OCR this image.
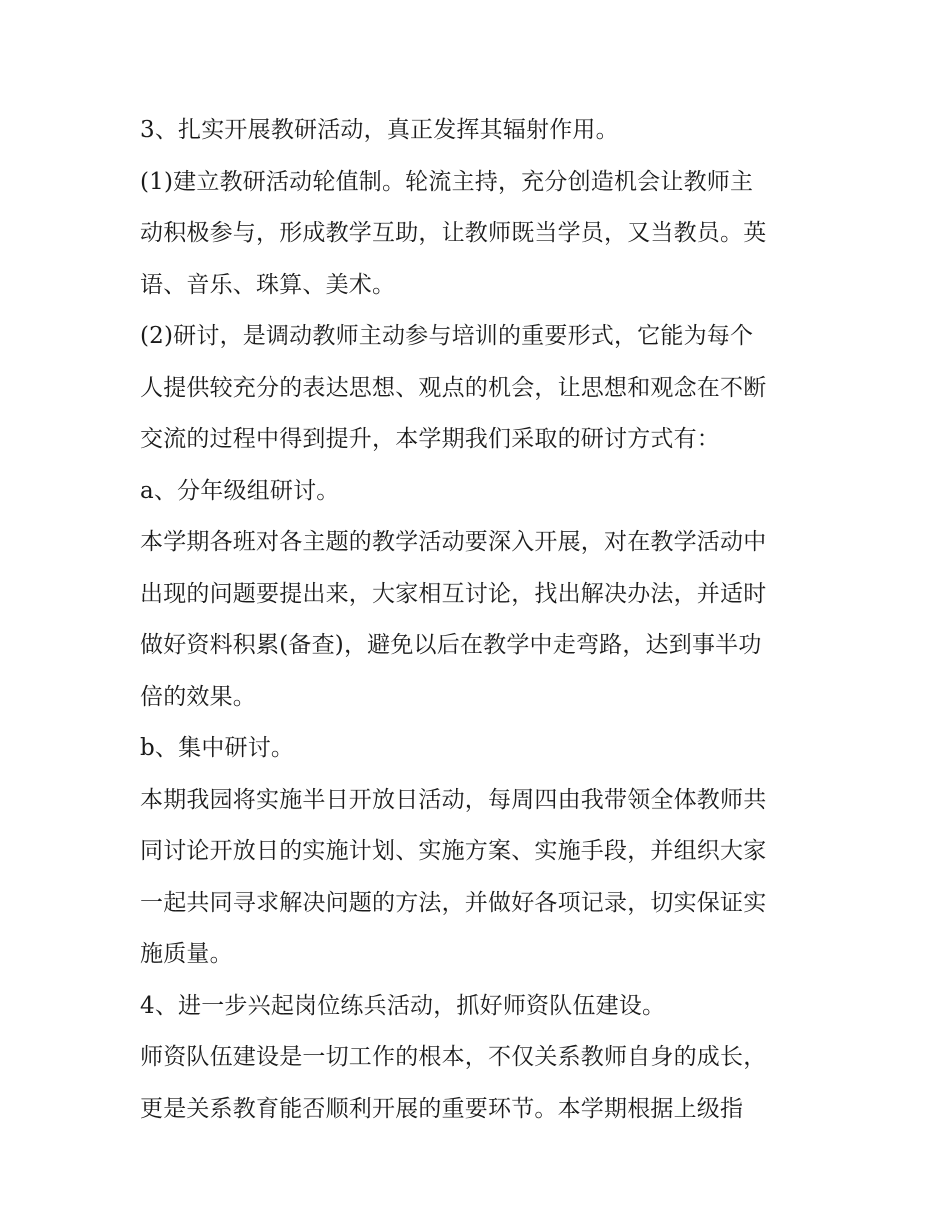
3、扎实开展教研活动，真正发挥其辐射作用。
(1)建立教研活动轮值制。轮流主持，充分创造机会让教师主
动积极参与，形成教学互助，让教师既当学员，又当教员。英
语、音乐、珠算、美术。
(2)研讨，是调动教师主动参与培训的重要形式，它能为每个
人提供较充分的表达思想、观点的机会，让思想和观念在不断
交流的过程中得到提升，本学期我们采取的研讨方式有：
a、分年级组研讨。
本学期各班对各主题的教学活动要深入开展，对在教学活动中
出现的问题要提出来，大家相互讨论，找出解决办法，并适时
做好资料积累(备查)，避免以后在教学中走弯路，达到事半功
倍的效果。
b、集中研讨。
本期我园将实施半日开放日活动，每周四由我带领全体教师共
同讨论开放日的实施计划、实施方案、实施手段，并组织大家
一起共同寻求解决问题的方法，并做好各项记录，切实保证实
施质量。
4、进一步兴起岗位练兵活动，抓好师资队伍建设。
师资队伍建设是一切工作的根本，不仅关系教师自身的成长，
更是关系教育能否顺利开展的重要环节。本学期根据上级指
